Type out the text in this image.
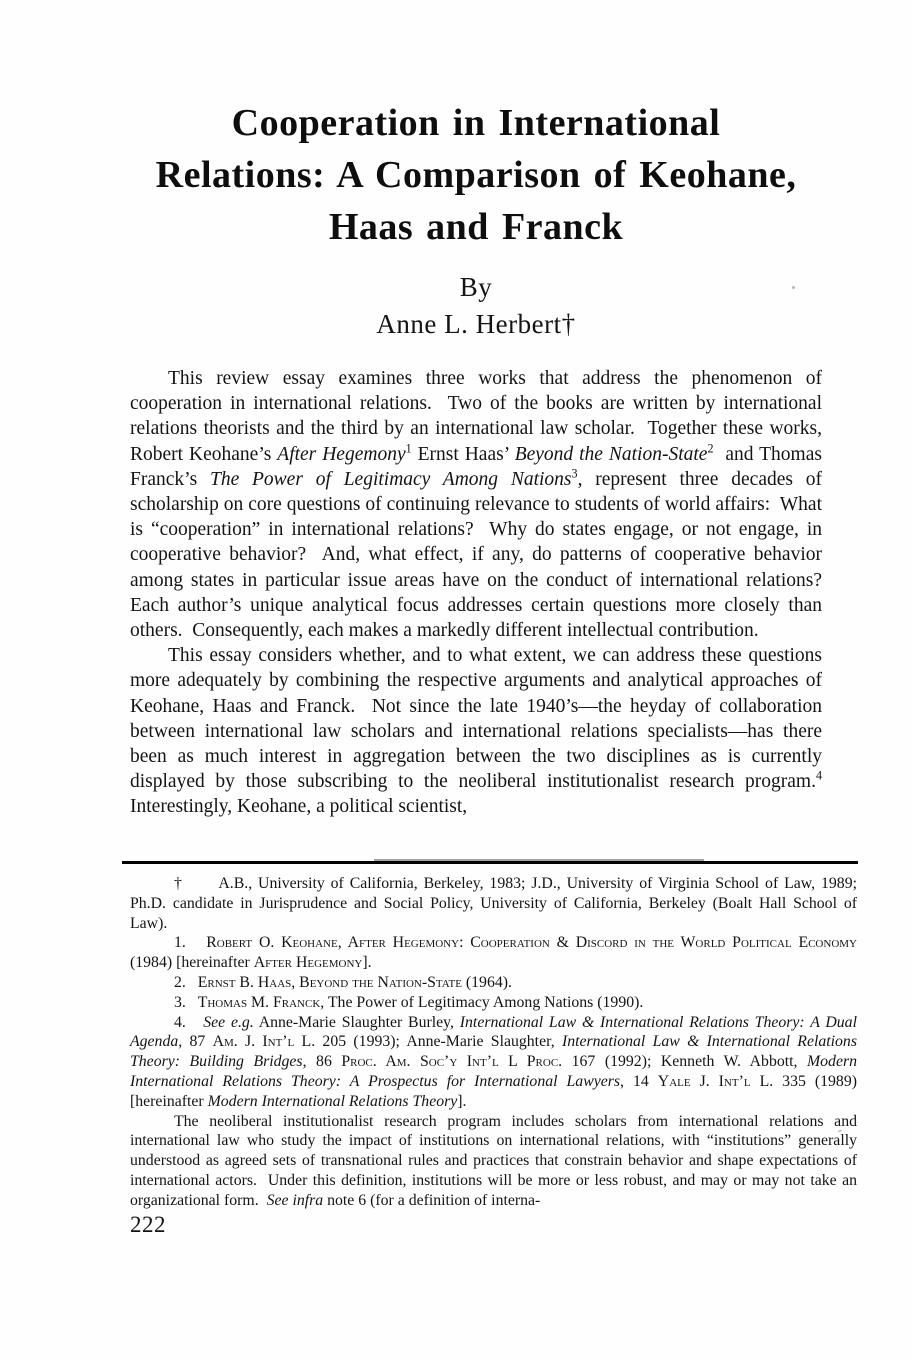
Cooperation in International
Relations: A Comparison of Keohane,
Haas and Franck
By
Anne L. Herbert†

This review essay examines three works that address the phenomenon of cooperation in international relations.  Two of the books are written by international relations theorists and the third by an international law scholar.  Together these works, Robert Keohane’s After Hegemony$^1$ Ernst Haas’ Beyond the Nation-State$^2$  and Thomas Franck’s The Power of Legitimacy Among Nations$^3$, represent three decades of scholarship on core questions of continuing relevance to students of world affairs:  What is “cooperation” in international relations?  Why do states engage, or not engage, in cooperative behavior?  And, what effect, if any, do patterns of cooperative behavior among states in particular issue areas have on the conduct of international relations?  Each author’s unique analytical focus addresses certain questions more closely than others.  Consequently, each makes a markedly different intellectual contribution.

This essay considers whether, and to what extent, we can address these questions more adequately by combining the respective arguments and analytical approaches of Keohane, Haas and Franck.  Not since the late 1940’s—the heyday of collaboration between international law scholars and international relations specialists—has there been as much interest in aggregation between the two disciplines as is currently displayed by those subscribing to the neoliberal institutionalist research program.$^4$ Interestingly, Keohane, a political scientist,

†      A.B., University of California, Berkeley, 1983; J.D., University of Virginia School of Law, 1989; Ph.D. candidate in Jurisprudence and Social Policy, University of California, Berkeley (Boalt Hall School of Law).

1.   Robert O. Keohane, After Hegemony: Cooperation & Discord in the World Political Economy (1984) [hereinafter After Hegemony].

2.   Ernst B. Haas, Beyond the Nation-State (1964).

3.   Thomas M. Franck, The Power of Legitimacy Among Nations (1990).

4.   See e.g. Anne-Marie Slaughter Burley, International Law & International Relations Theory: A Dual Agenda, 87 Am. J. Int’l L. 205 (1993); Anne-Marie Slaughter, International Law & International Relations Theory: Building Bridges, 86 Proc. Am. Soc’y Int’l L Proc. 167 (1992); Kenneth W. Abbott, Modern International Relations Theory: A Prospectus for International Lawyers, 14 Yale J. Int’l L. 335 (1989) [hereinafter Modern International Relations Theory].

The neoliberal institutionalist research program includes scholars from international relations and international law who study the impact of institutions on international relations, with “institutions” generally understood as agreed sets of transnational rules and practices that constrain behavior and shape expectations of international actors.  Under this definition, institutions will be more or less robust, and may or may not take an organizational form.  See infra note 6 (for a definition of interna-

222
